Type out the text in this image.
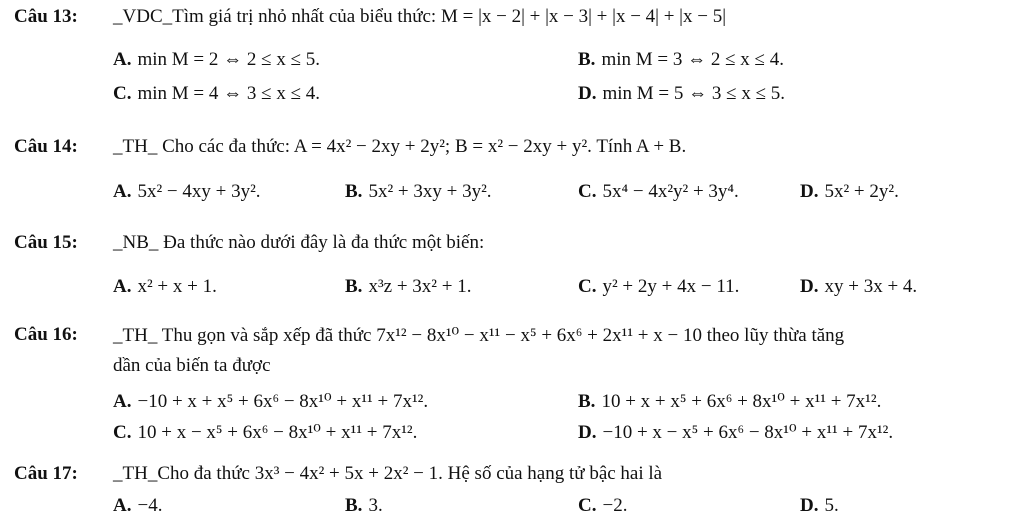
Câu 13: _VDC_Tìm giá trị nhỏ nhất của biểu thức: M = |x − 2| + |x − 3| + |x − 4| + |x − 5|
A. min M = 2 ⇔ 2 ≤ x ≤ 5.	B. min M = 3 ⇔ 2 ≤ x ≤ 4.
C. min M = 4 ⇔ 3 ≤ x ≤ 4.	D. min M = 5 ⇔ 3 ≤ x ≤ 5.
Câu 14: _TH_ Cho các đa thức: A = 4x² − 2xy + 2y²; B = x² − 2xy + y². Tính A + B.
A. 5x² − 4xy + 3y².	B. 5x² + 3xy + 3y².	C. 5x⁴ − 4x²y² + 3y⁴.	D. 5x² + 2y².
Câu 15: _NB_ Đa thức nào dưới đây là đa thức một biến:
A. x² + x + 1.	B. x³z + 3x² + 1.	C. y² + 2y + 4x − 11.	D. xy + 3x + 4.
Câu 16: _TH_ Thu gọn và sắp xếp đã thức 7x¹² − 8x¹⁰ − x¹¹ − x⁵ + 6x⁶ + 2x¹¹ + x − 10 theo lũy thừa tăng
dần của biến ta được
A. −10 + x + x⁵ + 6x⁶ − 8x¹⁰ + x¹¹ + 7x¹².	B. 10 + x + x⁵ + 6x⁶ + 8x¹⁰ + x¹¹ + 7x¹².
C. 10 + x − x⁵ + 6x⁶ − 8x¹⁰ + x¹¹ + 7x¹².	D. −10 + x − x⁵ + 6x⁶ − 8x¹⁰ + x¹¹ + 7x¹².
Câu 17: _TH_Cho đa thức 3x³ − 4x² + 5x + 2x² − 1. Hệ số của hạng tử bậc hai là
A. −4.	B. 3.	C. −2.	D. 5.
